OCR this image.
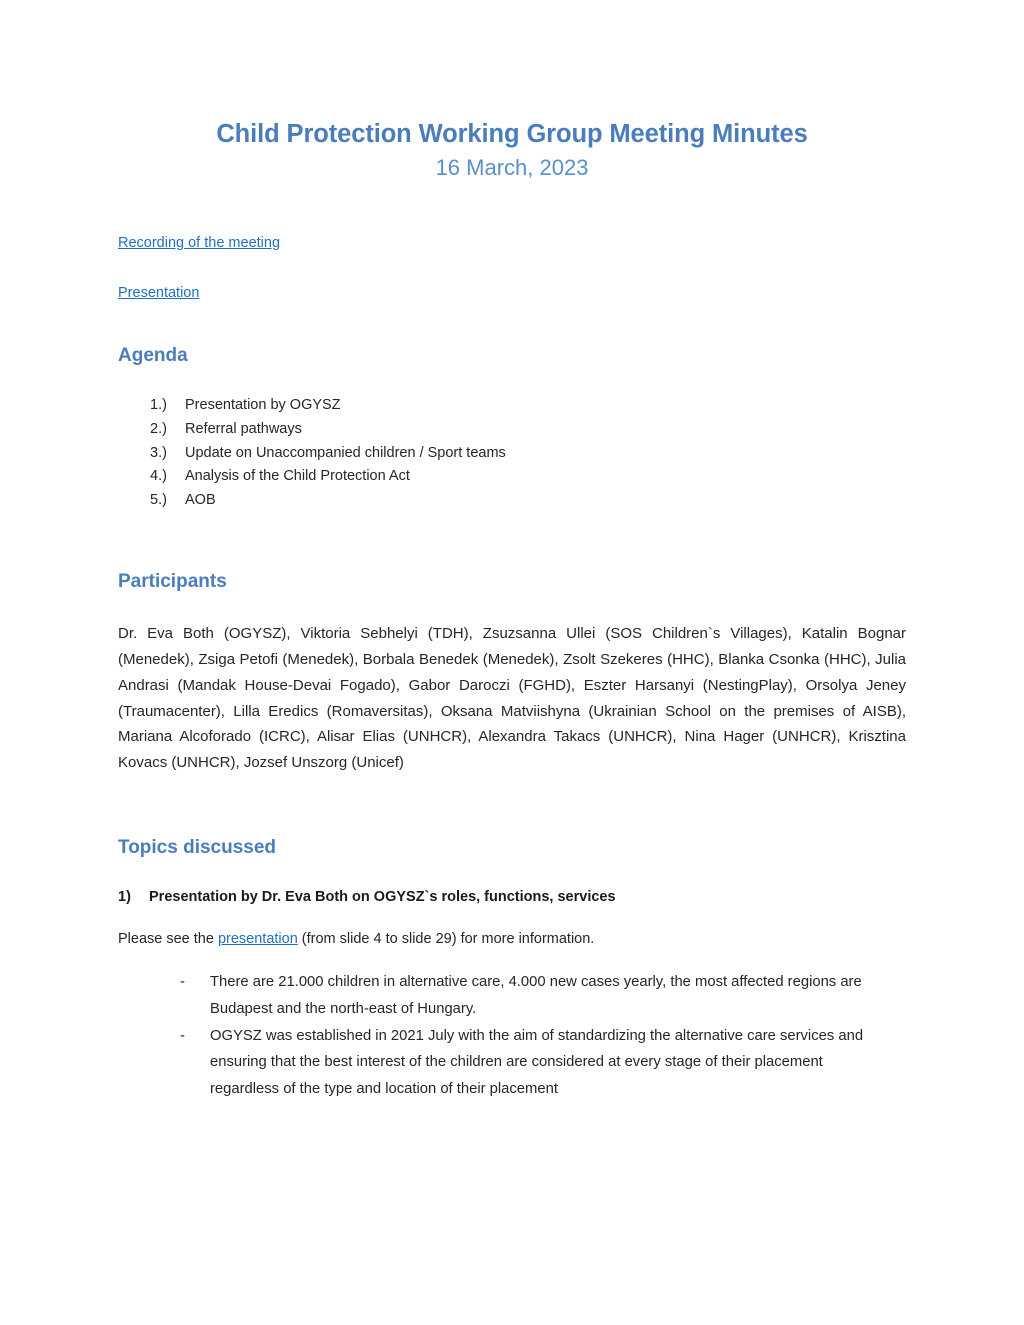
Child Protection Working Group Meeting Minutes
16 March, 2023
Recording of the meeting
Presentation
Agenda
1.) Presentation by OGYSZ
2.) Referral pathways
3.) Update on Unaccompanied children / Sport teams
4.) Analysis of the Child Protection Act
5.) AOB
Participants

Dr. Eva Both (OGYSZ), Viktoria Sebhelyi (TDH), Zsuzsanna Ullei (SOS Children`s Villages), Katalin Bognar (Menedek), Zsiga Petofi (Menedek), Borbala Benedek (Menedek), Zsolt Szekeres (HHC), Blanka Csonka (HHC), Julia Andrasi (Mandak House-Devai Fogado), Gabor Daroczi (FGHD), Eszter Harsanyi (NestingPlay), Orsolya Jeney (Traumacenter), Lilla Eredics (Romaversitas), Oksana Matviishyna (Ukrainian School on the premises of AISB), Mariana Alcoforado (ICRC), Alisar Elias (UNHCR), Alexandra Takacs (UNHCR), Nina Hager (UNHCR), Krisztina Kovacs (UNHCR), Jozsef Unszorg (Unicef)

Topics discussed
1) Presentation by Dr. Eva Both on OGYSZ`s roles, functions, services

Please see the presentation (from slide 4 to slide 29) for more information.

- There are 21.000 children in alternative care, 4.000 new cases yearly, the most affected regions are Budapest and the north-east of Hungary.
- OGYSZ was established in 2021 July with the aim of standardizing the alternative care services and ensuring that the best interest of the children are considered at every stage of their placement regardless of the type and location of their placement
